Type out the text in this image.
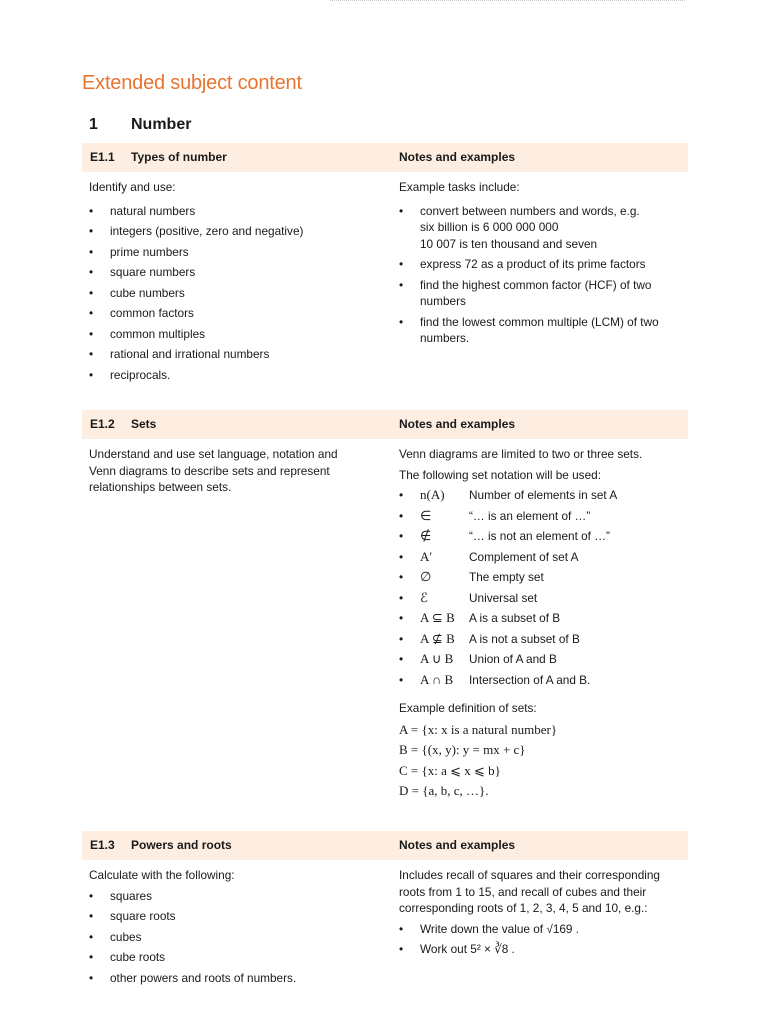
Extended subject content
1 Number
E1.1 Types of number	Notes and examples

Identify and use:

• natural numbers
• integers (positive, zero and negative)
• prime numbers
• square numbers
• cube numbers
• common factors
• common multiples
• rational and irrational numbers
• reciprocals.

Example tasks include:

• convert between numbers and words, e.g.
six billion is 6 000 000 000
10 007 is ten thousand and seven
• express 72 as a product of its prime factors
• find the highest common factor (HCF) of two numbers
• find the lowest common multiple (LCM) of two numbers.
E1.2 Sets	Notes and examples

Understand and use set language, notation and Venn diagrams to describe sets and represent relationships between sets.

Venn diagrams are limited to two or three sets.

The following set notation will be used:

• n(A) Number of elements in set A
• ∈	“… is an element of …”
• ∉	“… is not an element of …”
• A′	Complement of set A
• ∅	The empty set
• ℰ	Universal set
• A ⊆ B A is a subset of B
• A ⊈ B A is not a subset of B
• A ∪ B Union of A and B
• A ∩ B Intersection of A and B.

Example definition of sets:

A = {x: x is a natural number}
B = {(x, y): y = mx + c}
C = {x: a ⩽ x ⩽ b}
D = {a, b, c, …}.
E1.3 Powers and roots	Notes and examples

Calculate with the following:

• squares
• square roots
• cubes
• cube roots
• other powers and roots of numbers.

Includes recall of squares and their corresponding roots from 1 to 15, and recall of cubes and their corresponding roots of 1, 2, 3, 4, 5 and 10, e.g.:

• Write down the value of √169 .
• Work out 5² × ∛8 .
